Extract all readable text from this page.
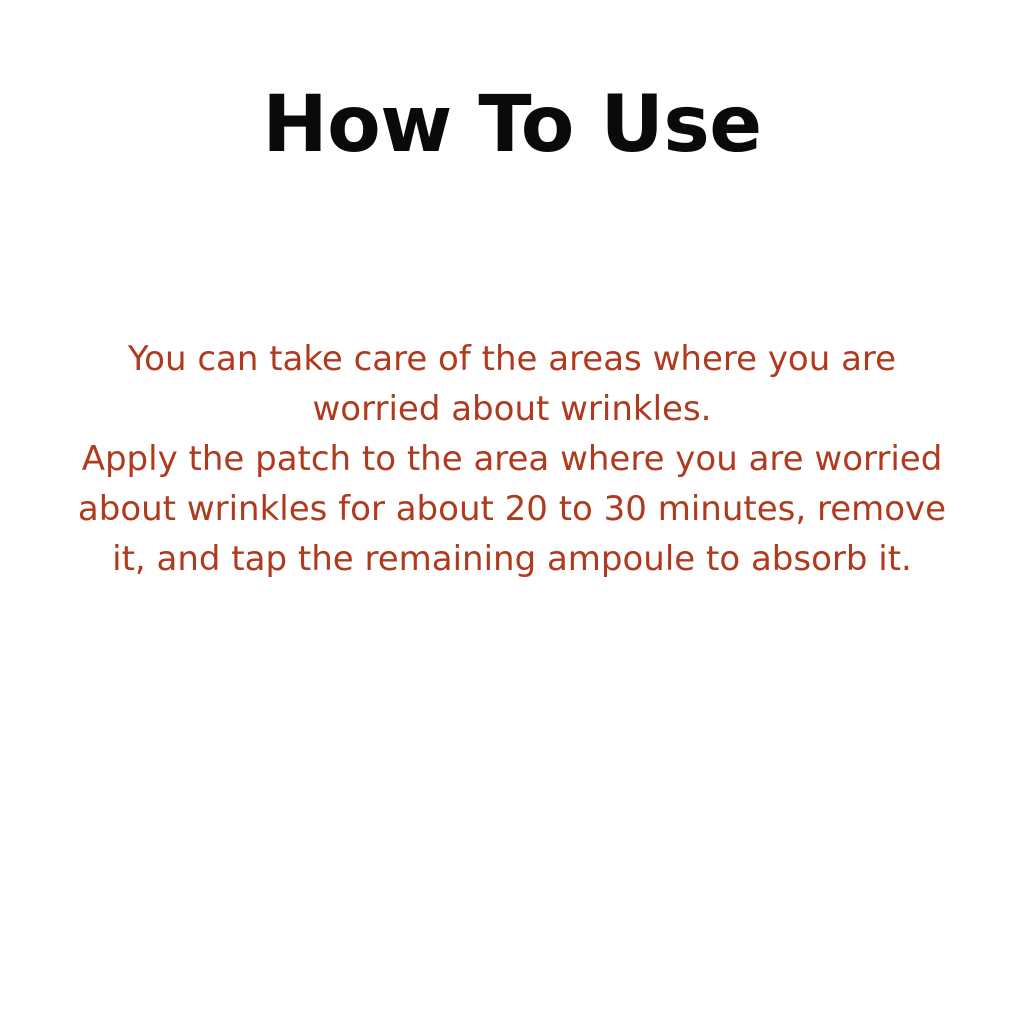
How To Use

You can take care of the areas where you are
worried about wrinkles.

Apply the patch to the area where you are worried
about wrinkles for about 20 to 30 minutes, remove
it, and tap the remaining ampoule to absorb it.
